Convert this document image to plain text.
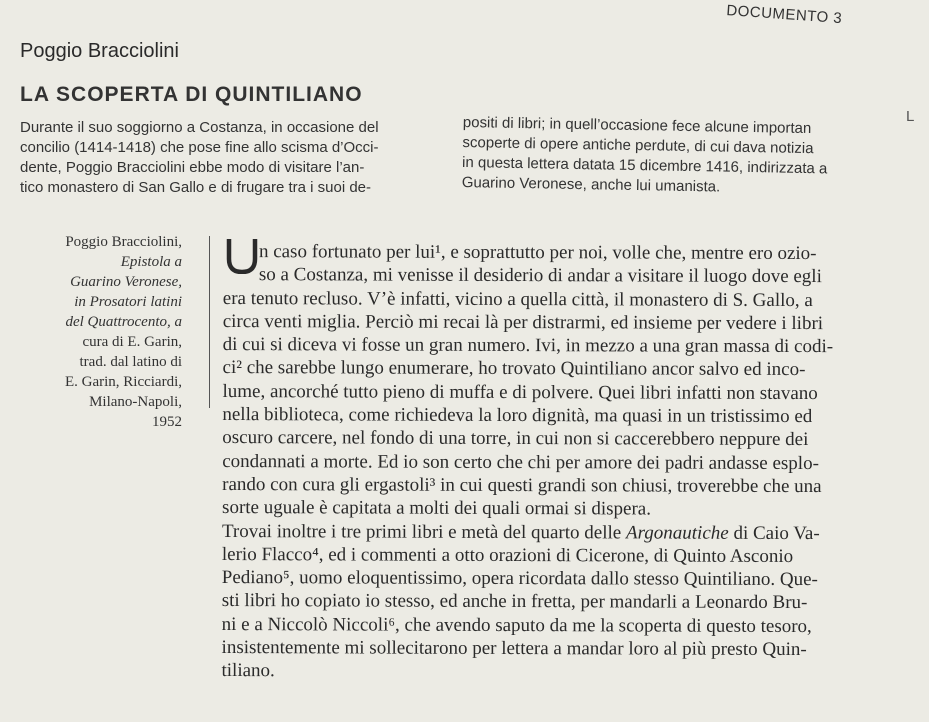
DOCUMENTO 3
Poggio Bracciolini
LA SCOPERTA DI QUINTILIANO
Durante il suo soggiorno a Costanza, in occasione del
concilio (1414-1418) che pose fine allo scisma d’Occi-
dente, Poggio Bracciolini ebbe modo di visitare l’an-
tico monastero di San Gallo e di frugare tra i suoi de-
positi di libri; in quell’occasione fece alcune importan
scoperte di opere antiche perdute, di cui dava notizia
in questa lettera datata 15 dicembre 1416, indirizzata a
Guarino Veronese, anche lui umanista.
L
Poggio Bracciolini,
Epistola a
Guarino Veronese,
in Prosatori latini
del Quattrocento, a
cura di E. Garin,
trad. dal latino di
E. Garin, Ricciardi,
Milano-Napoli,
1952
n caso fortunato per lui¹, e soprattutto per noi, volle che, mentre ero ozio-
so a Costanza, mi venisse il desiderio di andar a visitare il luogo dove egli
era tenuto recluso. V’è infatti, vicino a quella città, il monastero di S. Gallo, a
circa venti miglia. Perciò mi recai là per distrarmi, ed insieme per vedere i libri
di cui si diceva vi fosse un gran numero. Ivi, in mezzo a una gran massa di codi-
ci² che sarebbe lungo enumerare, ho trovato Quintiliano ancor salvo ed inco-
lume, ancorché tutto pieno di muffa e di polvere. Quei libri infatti non stavano
nella biblioteca, come richiedeva la loro dignità, ma quasi in un tristissimo ed
oscuro carcere, nel fondo di una torre, in cui non si caccerebbero neppure dei
condannati a morte. Ed io son certo che chi per amore dei padri andasse esplo-
rando con cura gli ergastoli³ in cui questi grandi son chiusi, troverebbe che una
sorte uguale è capitata a molti dei quali ormai si dispera.
Trovai inoltre i tre primi libri e metà del quarto delle Argonautiche di Caio Va-
lerio Flacco⁴, ed i commenti a otto orazioni di Cicerone, di Quinto Asconio
Pediano⁵, uomo eloquentissimo, opera ricordata dallo stesso Quintiliano. Que-
sti libri ho copiato io stesso, ed anche in fretta, per mandarli a Leonardo Bru-
ni e a Niccolò Niccoli⁶, che avendo saputo da me la scoperta di questo tesoro,
insistentemente mi sollecitarono per lettera a mandar loro al più presto Quin-
tiliano.
